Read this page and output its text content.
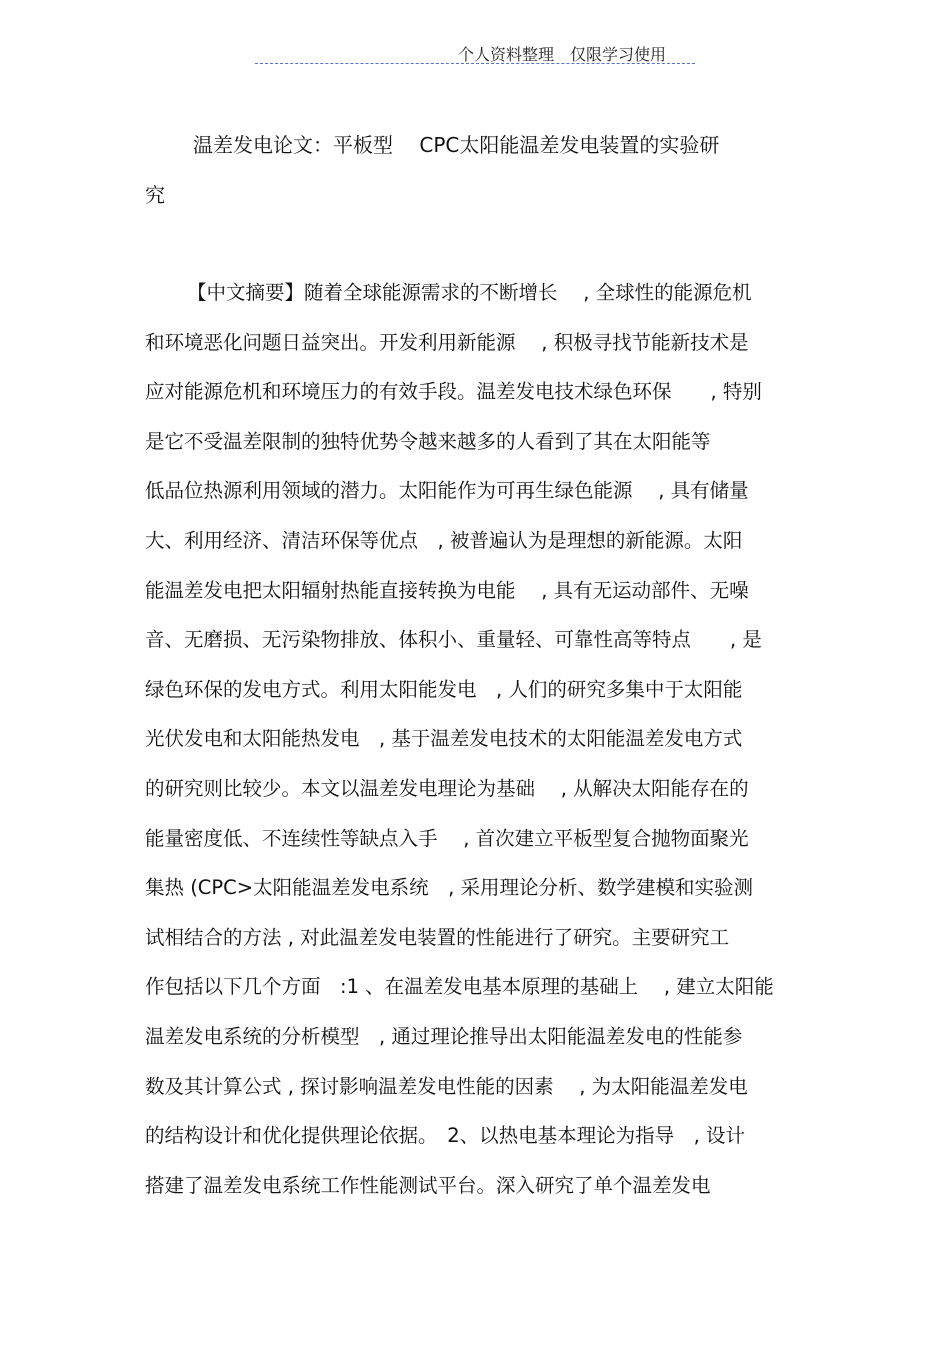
个人资料整理　仅限学习使用
温差发电论文：平板型　 CPC太阳能温差发电装置的实验研
究
【中文摘要】随着全球能源需求的不断增长　 , 全球性的能源危机
和环境恶化问题日益突出。开发利用新能源　 , 积极寻找节能新技术是
应对能源危机和环境压力的有效手段。温差发电技术绿色环保　　, 特别
是它不受温差限制的独特优势令越来越多的人看到了其在太阳能等
低品位热源利用领域的潜力。太阳能作为可再生绿色能源　 , 具有储量
大、利用经济、清洁环保等优点　, 被普遍认为是理想的新能源。太阳
能温差发电把太阳辐射热能直接转换为电能　 , 具有无运动部件、无噪
音、无磨损、无污染物排放、体积小、重量轻、可靠性高等特点　　, 是
绿色环保的发电方式。利用太阳能发电　, 人们的研究多集中于太阳能
光伏发电和太阳能热发电　, 基于温差发电技术的太阳能温差发电方式
的研究则比较少。本文以温差发电理论为基础　 , 从解决太阳能存在的
能量密度低、不连续性等缺点入手　 , 首次建立平板型复合抛物面聚光
集热 (CPC>太阳能温差发电系统　, 采用理论分析、数学建模和实验测
试相结合的方法 , 对此温差发电装置的性能进行了研究。主要研究工
作包括以下几个方面　:1 、在温差发电基本原理的基础上　 , 建立太阳能
温差发电系统的分析模型　, 通过理论推导出太阳能温差发电的性能参
数及其计算公式 , 探讨影响温差发电性能的因素　 , 为太阳能温差发电
的结构设计和优化提供理论依据。　2、以热电基本理论为指导　, 设计
搭建了温差发电系统工作性能测试平台。深入研究了单个温差发电
